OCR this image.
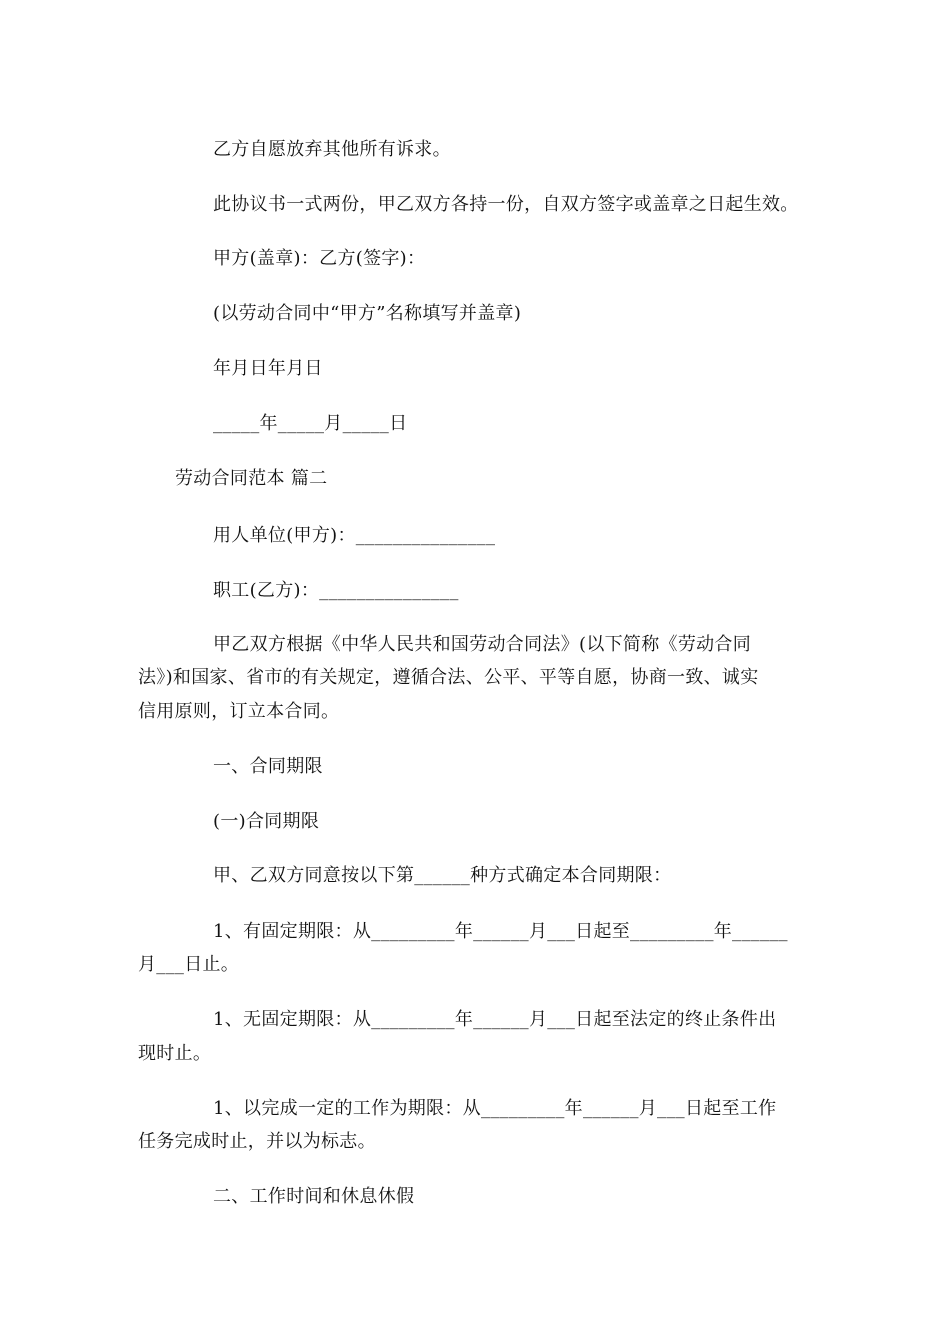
乙方自愿放弃其他所有诉求。
此协议书一式两份，甲乙双方各持一份，自双方签字或盖章之日起生效。
甲方(盖章)：乙方(签字)：
(以劳动合同中“甲方”名称填写并盖章)
年月日年月日
_____年_____月_____日
劳动合同范本 篇二
用人单位(甲方)：_______________
职工(乙方)：_______________
甲乙双方根据《中华人民共和国劳动合同法》(以下简称《劳动合同
法》)和国家、省市的有关规定，遵循合法、公平、平等自愿，协商一致、诚实
信用原则，订立本合同。
一、合同期限
(一)合同期限
甲、乙双方同意按以下第______种方式确定本合同期限：
1、有固定期限：从_________年______月___日起至_________年______
月___日止。
1、无固定期限：从_________年______月___日起至法定的终止条件出
现时止。
1、以完成一定的工作为期限：从_________年______月___日起至工作
任务完成时止，并以为标志。
二、工作时间和休息休假
